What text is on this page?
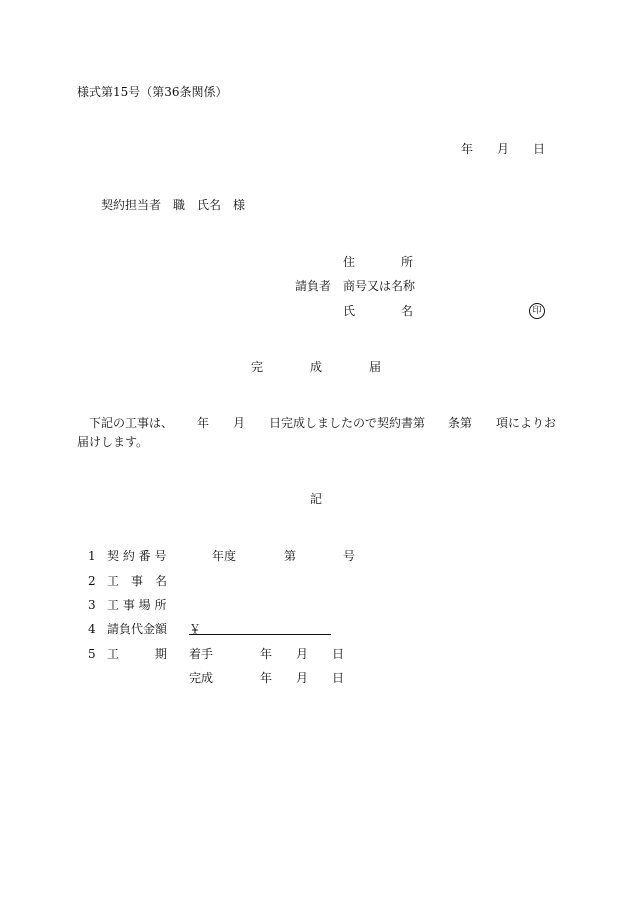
様式第15号（第36条関係）
年 月 日
契約担当者　職　氏名　様
住	所
請負者 商号又は名称
氏	名	印
完	成	届
下記の工事は、 年 月 日完成しましたので契約書第 条第 項によりお
届けします。
記
1 契 約 番 号	年度	第	号
2 工　事　名
3 工 事 場 所
4 請負代金額 ￥
5 工	期 着手	年 月 日
完成	年 月 日
